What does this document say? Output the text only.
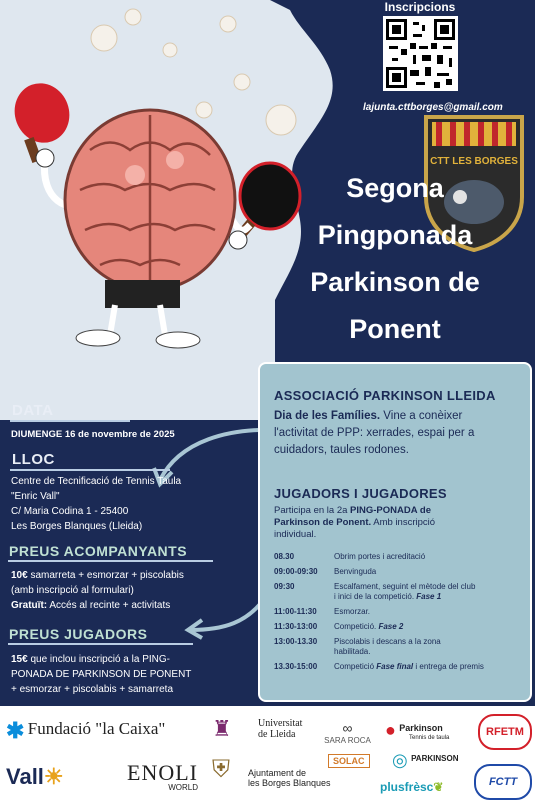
CTT LES BORGES
Inscripcions
lajunta.cttborges@gmail.com
Segona
Pingponada
Parkinson de
Ponent
DATA
DIUMENGE 16 de novembre de 2025
LLOC
Centre de Tecnificació de Tennis Taula
"Enric Vall"
C/ Maria Codina 1 - 25400
Les Borges Blanques (Lleida)
PREUS ACOMPANYANTS
10€ samarreta + esmorzar + piscolabis
(amb inscripció al formulari)
Gratuït: Accés al recinte + activitats
PREUS JUGADORS
15€ que inclou inscripció a la PING-
PONADA DE PARKINSON DE PONENT
+ esmorzar + piscolabis + samarreta
ASSOCIACIÓ PARKINSON LLEIDA
Dia de les Famílies. Vine a conèixer
l'activitat de PPP: xerrades, espai per a
cuidadors, taules rodones.
JUGADORS I JUGADORES
Participa en la 2a PING-PONADA de
Parkinson de Ponent. Amb inscripció
individual.
08.30	Obrim portes i acreditació
09:00-09:30	Benvinguda
09:30	Escalfament, seguint el mètode del club
i inici de la competició. Fase 1
11:00-11:30	Esmorzar.
11:30-13:00	Competició. Fase 2
13:00-13.30	Piscolabis i descans a la zona
habilitada.
13.30-15:00	Competició Fase final i entrega de premis
✱ Fundació "la Caixa" ♜	Universitat
de Lleida	∞
SARA ROCA
● $^{Parkinson}$
Tennis de taula	RFETM
Vall☀	ENOLI
WORLD
⛨ Ajuntament de
les Borges Blanques
SOLAC ◎ $^{PARKINSON}$
plusfrèsc❦	FCTT
